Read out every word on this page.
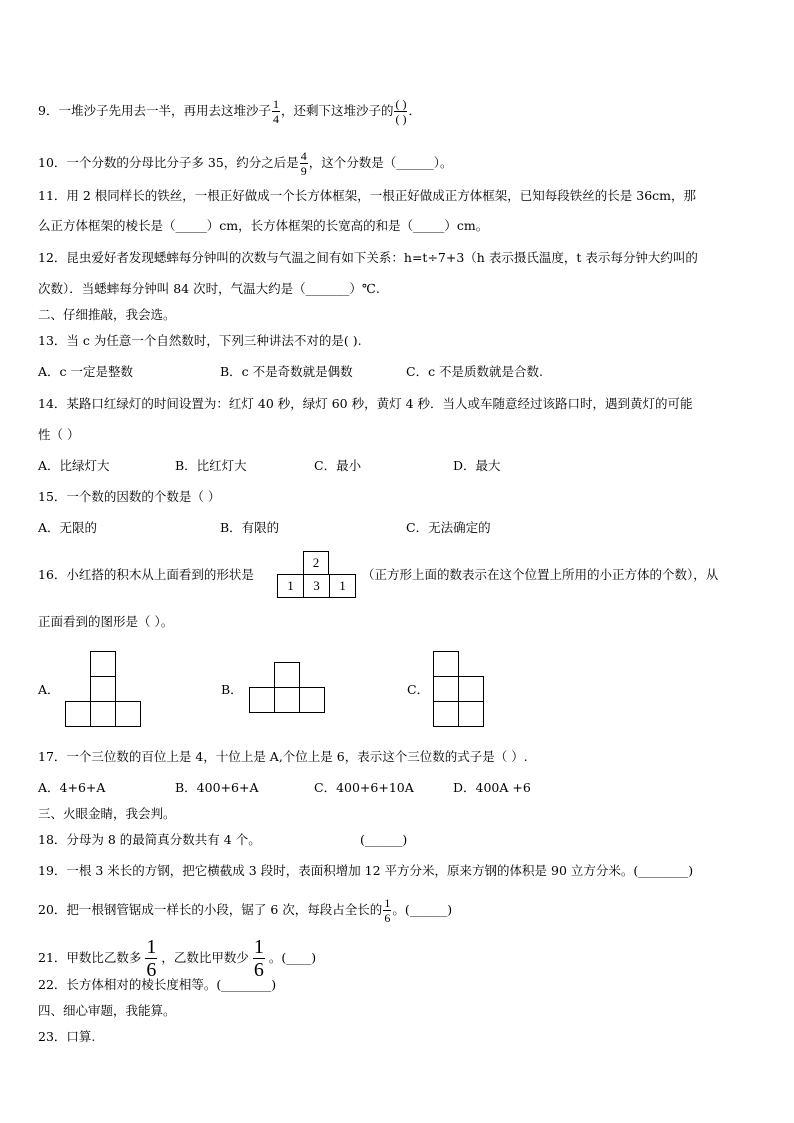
9．一堆沙子先用去一半，再用去这堆沙子 $\frac{1}{4}$ ，还剩下这堆沙子的 $\frac{( )}{( )}$ ．
10．一个分数的分母比分子多 35，约分之后是 $\frac{4}{9}$ ，这个分数是（______）。
11．用 2 根同样长的铁丝，一根正好做成一个长方体框架，一根正好做成正方体框架，已知每段铁丝的长是 36cm，那
么正方体框架的棱长是（_____）cm，长方体框架的长宽高的和是（_____）cm。
12．昆虫爱好者发现蟋蟀每分钟叫的次数与气温之间有如下关系：h=t÷7+3（h 表示摄氏温度，t 表示每分钟大约叫的
次数）．当蟋蟀每分钟叫 84 次时，气温大约是（_______）℃.
二、仔细推敲，我会选。
13．当 c 为任意一个自然数时，下列三种讲法不对的是( ).
A．c 一定是整数	B．c 不是奇数就是偶数	C．c 不是质数就是合数.
14．某路口红绿灯的时间设置为：红灯 40 秒，绿灯 60 秒，黄灯 4 秒．当人或车随意经过该路口时，遇到黄灯的可能
性（ ）
A．比绿灯大	B．比红灯大	C．最小	D．最大
15．一个数的因数的个数是（ ）
A．无限的	B．有限的	C．无法确定的
16．小红搭的积木从上面看到的形状是
2
1	3	1
（正方形上面的数表示在这个位置上所用的小正方体的个数），从
正面看到的图形是（ ）。
A．	B．	C．
17．一个三位数的百位上是 4，十位上是 A,个位上是 6，表示这个三位数的式子是（ ）.
A．4+6+A	B．400+6+A	C．400+6+10A	D．400A +6
三、火眼金睛，我会判。
18．分母为 8 的最简真分数共有 4 个。	(______)
19．一根 3 米长的方钢，把它横截成 3 段时，表面积增加 12 平方分米，原来方钢的体积是 90 立方分米。(________)
20．把一根钢管锯成一样长的小段，锯了 6 次，每段占全长的 $\frac{1}{6}$ 。(______)
21．甲数比乙数多 $\frac{1}{6}$ ，乙数比甲数少 $\frac{1}{6}$ 。(____)
22．长方体相对的棱长度相等。(________)
四、细心审题，我能算。
23．口算.
